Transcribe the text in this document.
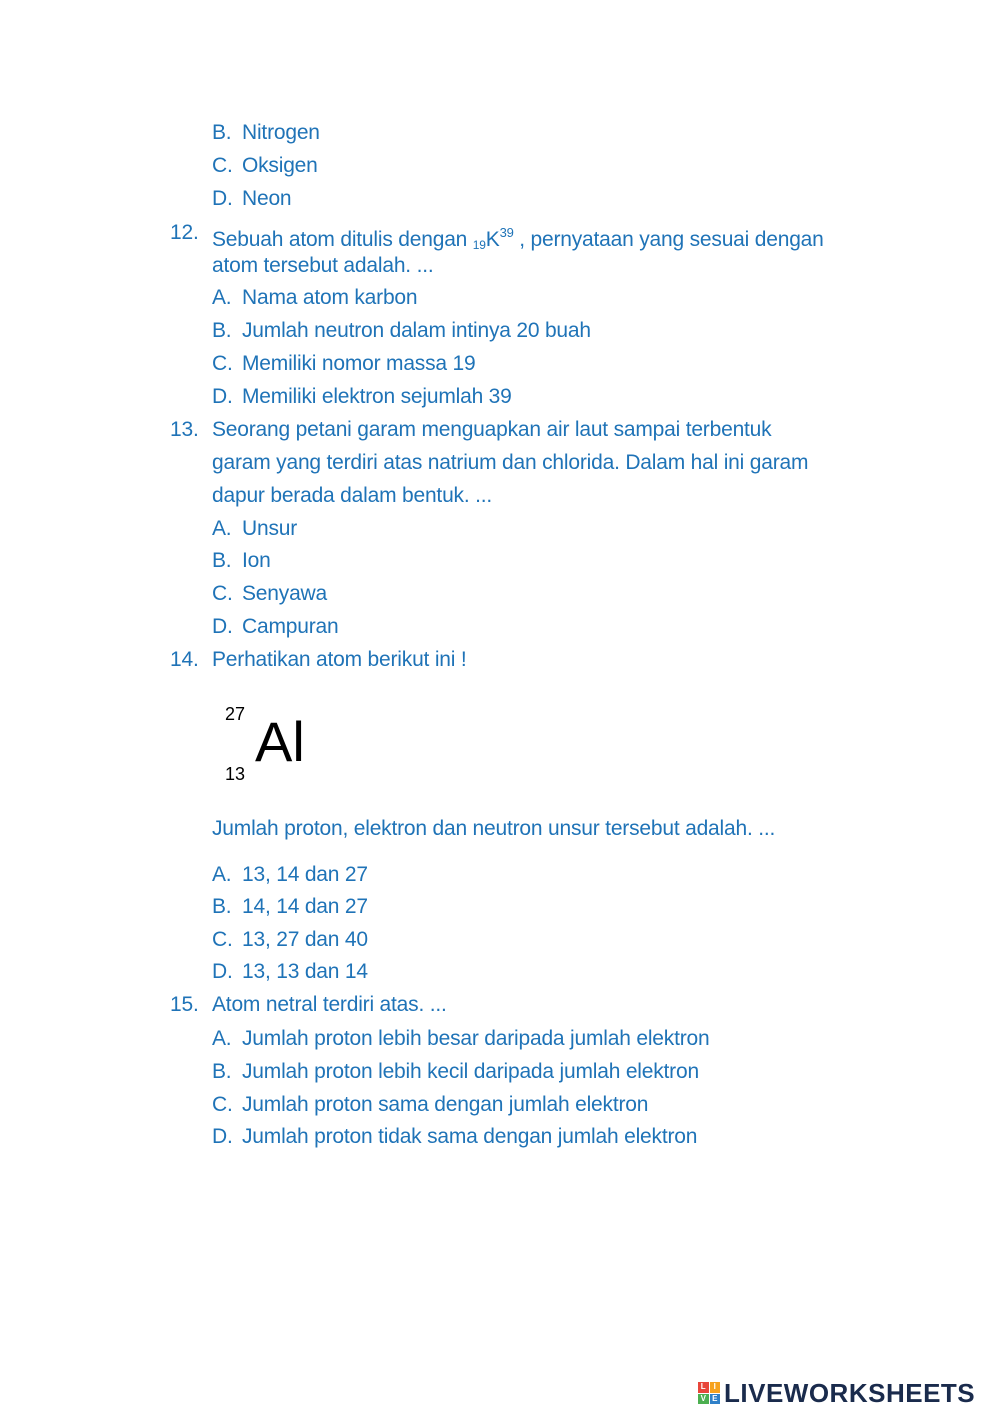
B. Nitrogen
C. Oksigen
D. Neon
12. Sebuah atom ditulis dengan $_{19}K^{39}$ , pernyataan yang sesuai dengan
atom tersebut adalah. ...
A. Nama atom karbon
B. Jumlah neutron dalam intinya 20 buah
C. Memiliki nomor massa 19
D. Memiliki elektron sejumlah 39
13. Seorang petani garam menguapkan air laut sampai terbentuk
garam yang terdiri atas natrium dan chlorida. Dalam hal ini garam
dapur berada dalam bentuk. ...
A. Unsur
B. Ion
C. Senyawa
D. Campuran
14. Perhatikan atom berikut ini !
27
13
Al
Jumlah proton, elektron dan neutron unsur tersebut adalah. ...
A. 13, 14 dan 27
B. 14, 14 dan 27
C. 13, 27 dan 40
D. 13, 13 dan 14
15. Atom netral terdiri atas. ...
A. Jumlah proton lebih besar daripada jumlah elektron
B. Jumlah proton lebih kecil daripada jumlah elektron
C. Jumlah proton sama dengan jumlah elektron
D. Jumlah proton tidak sama dengan jumlah elektron
L I
V E LIVEWORKSHEETS
